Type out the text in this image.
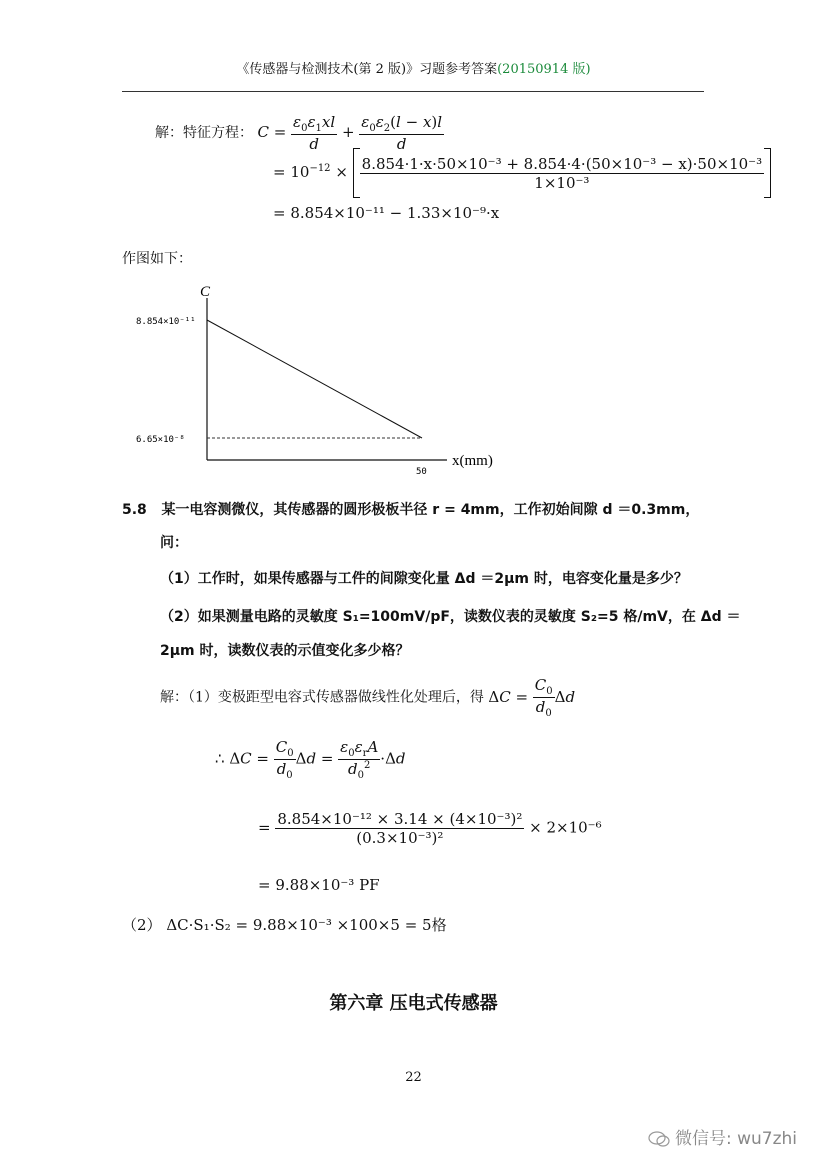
《传感器与检测技术(第 2 版)》习题参考答案(20150914 版)
解：特征方程： $C = \frac{\varepsilon_0\varepsilon_1xl}{d} + \frac{\varepsilon_0\varepsilon_2(l - x)l}{d}$
= $10^{-12} \times \frac{\text{8.854·1·x·50×10⁻³ + 8.854·4·(50×10⁻³ − x)·50×10⁻³}}{\text{1×10⁻³}}$
= 8.854×10⁻¹¹ − 1.33×10⁻⁹·x
作图如下：
C
x(mm)
8.854×10⁻¹¹
6.65×10⁻⁸
50
5.8 某一电容测微仪，其传感器的圆形极板半径 r = 4mm，工作初始间隙 d ＝0.3mm，
问：
（1）工作时，如果传感器与工件的间隙变化量 Δd ＝2μm 时，电容变化量是多少？
（2）如果测量电路的灵敏度 S₁=100mV/pF，读数仪表的灵敏度 S₂=5 格/mV，在 Δd ＝
2μm 时，读数仪表的示值变化多少格？
解：（1）变极距型电容式传感器做线性化处理后，得 $\Delta C = \frac{C_0}{d_0}$ Δd
∴ $\Delta C = \frac{C_0}{d_0}$ $\Delta d = \frac{\varepsilon_0\varepsilon_rA}{d_0^2} \cdot\Delta d$
= $\frac{\text{8.854×10⁻¹² × 3.14 × (4×10⁻³)²}}{\text{(0.3×10⁻³)²}} \times 2\times 10^{-6}$
= 9.88×10⁻³ PF
（2） ΔC·S₁·S₂ = 9.88×10⁻³ ×100×5 = 5格
第六章 压电式传感器
22
微信号: wu7zhi
